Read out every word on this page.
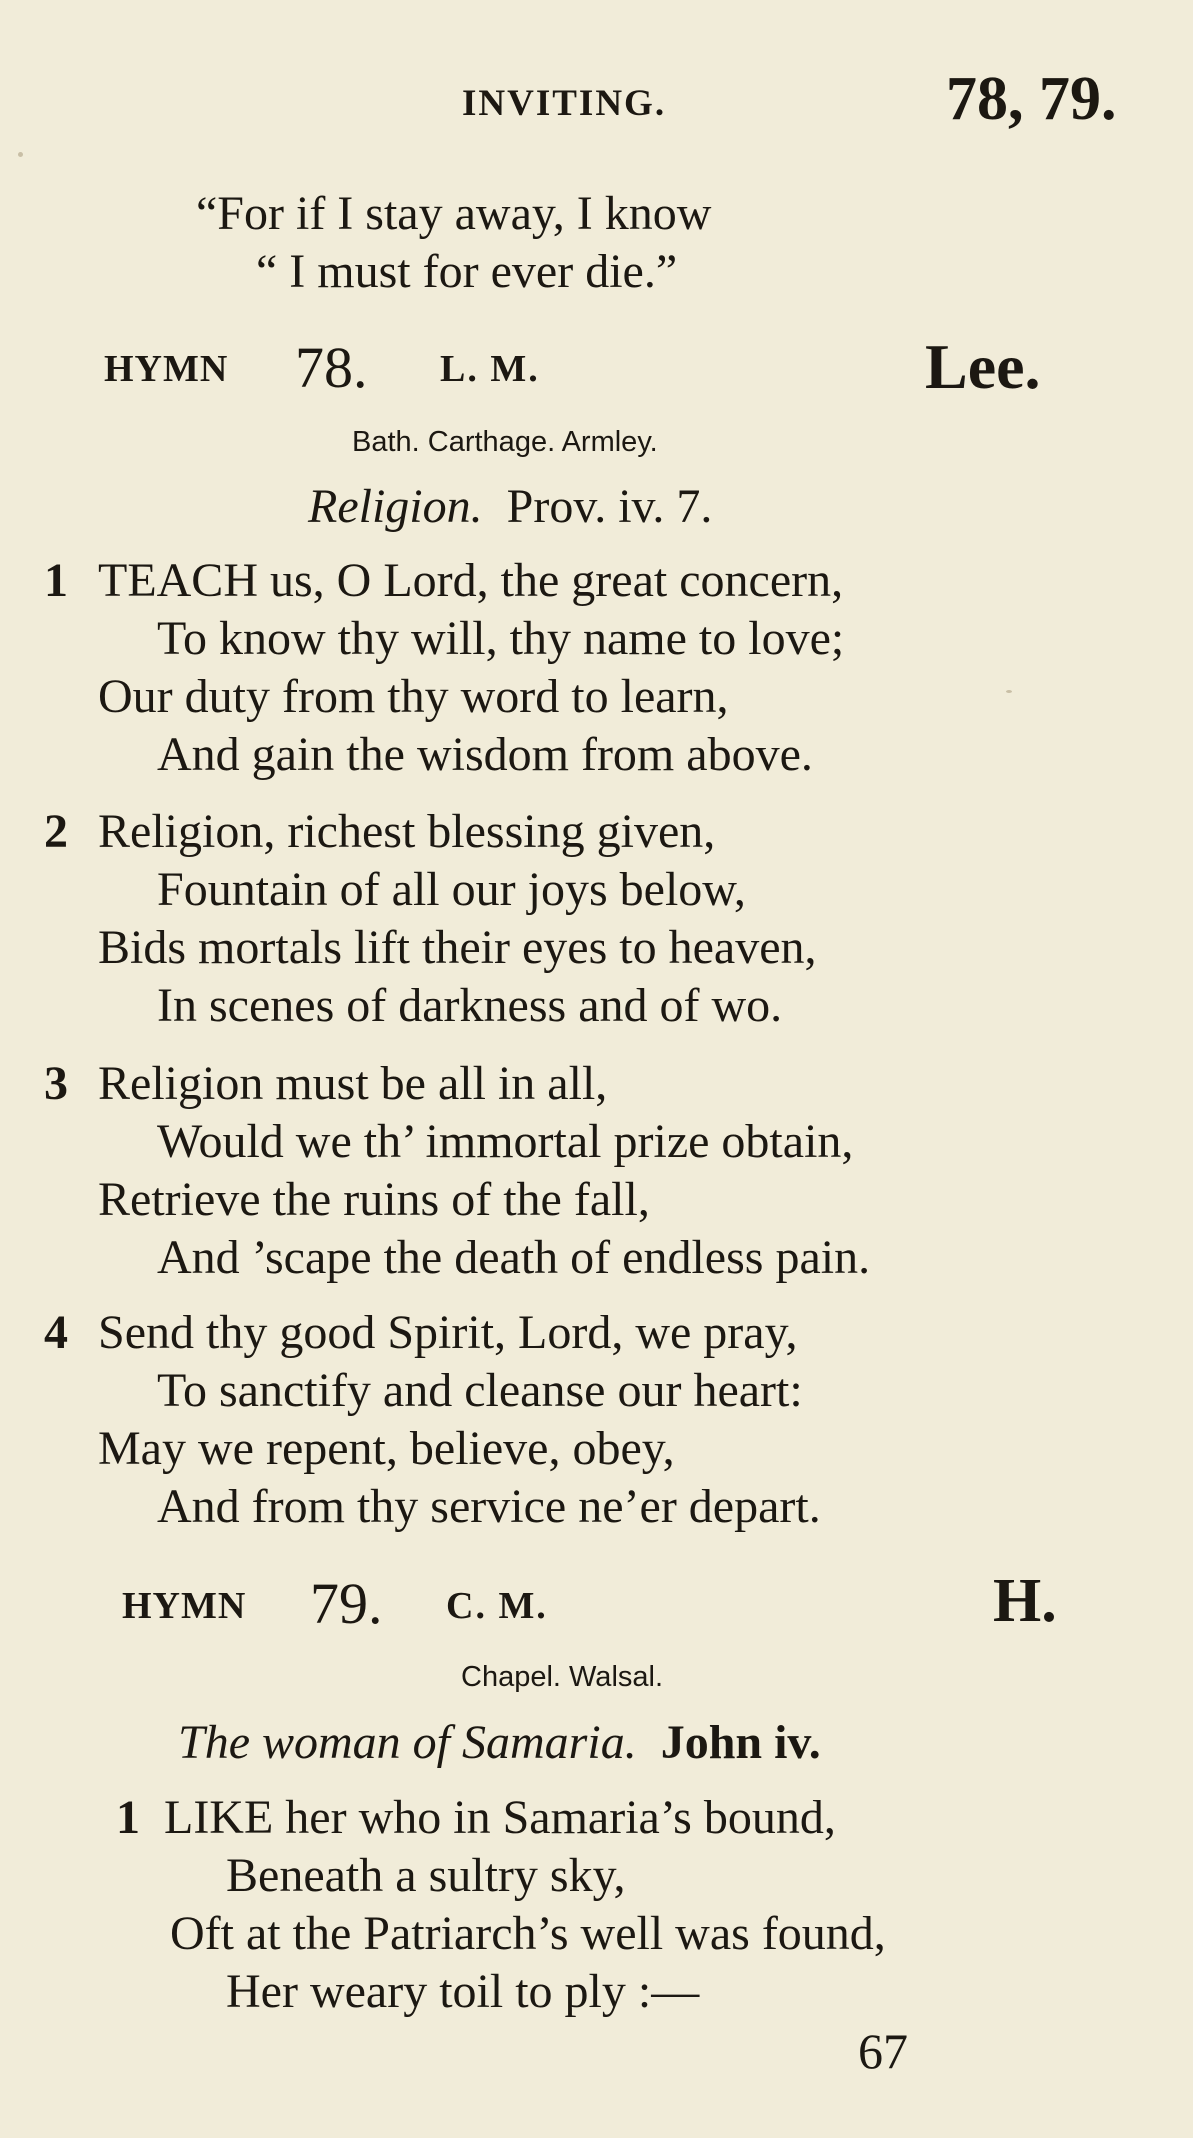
INVITING.	78, 79.
“For if I stay away, I know
“ I must for ever die.”
HYMN 78. L. M.	Lee.
Bath. Carthage. Armley.
Religion. Prov. iv. 7.
1 TEACH us, O Lord, the great concern,
To know thy will, thy name to love;
Our duty from thy word to learn,
And gain the wisdom from above.
2 Religion, richest blessing given,
Fountain of all our joys below,
Bids mortals lift their eyes to heaven,
In scenes of darkness and of wo.
3 Religion must be all in all,
Would we th’ immortal prize obtain,
Retrieve the ruins of the fall,
And ’scape the death of endless pain.
4 Send thy good Spirit, Lord, we pray,
To sanctify and cleanse our heart:
May we repent, believe, obey,
And from thy service ne’er depart.
HYMN 79. C. M.	H.
Chapel. Walsal.
The woman of Samaria. John iv.
1 LIKE her who in Samaria’s bound,
Beneath a sultry sky,
Oft at the Patriarch’s well was found,
Her weary toil to ply :—
67
